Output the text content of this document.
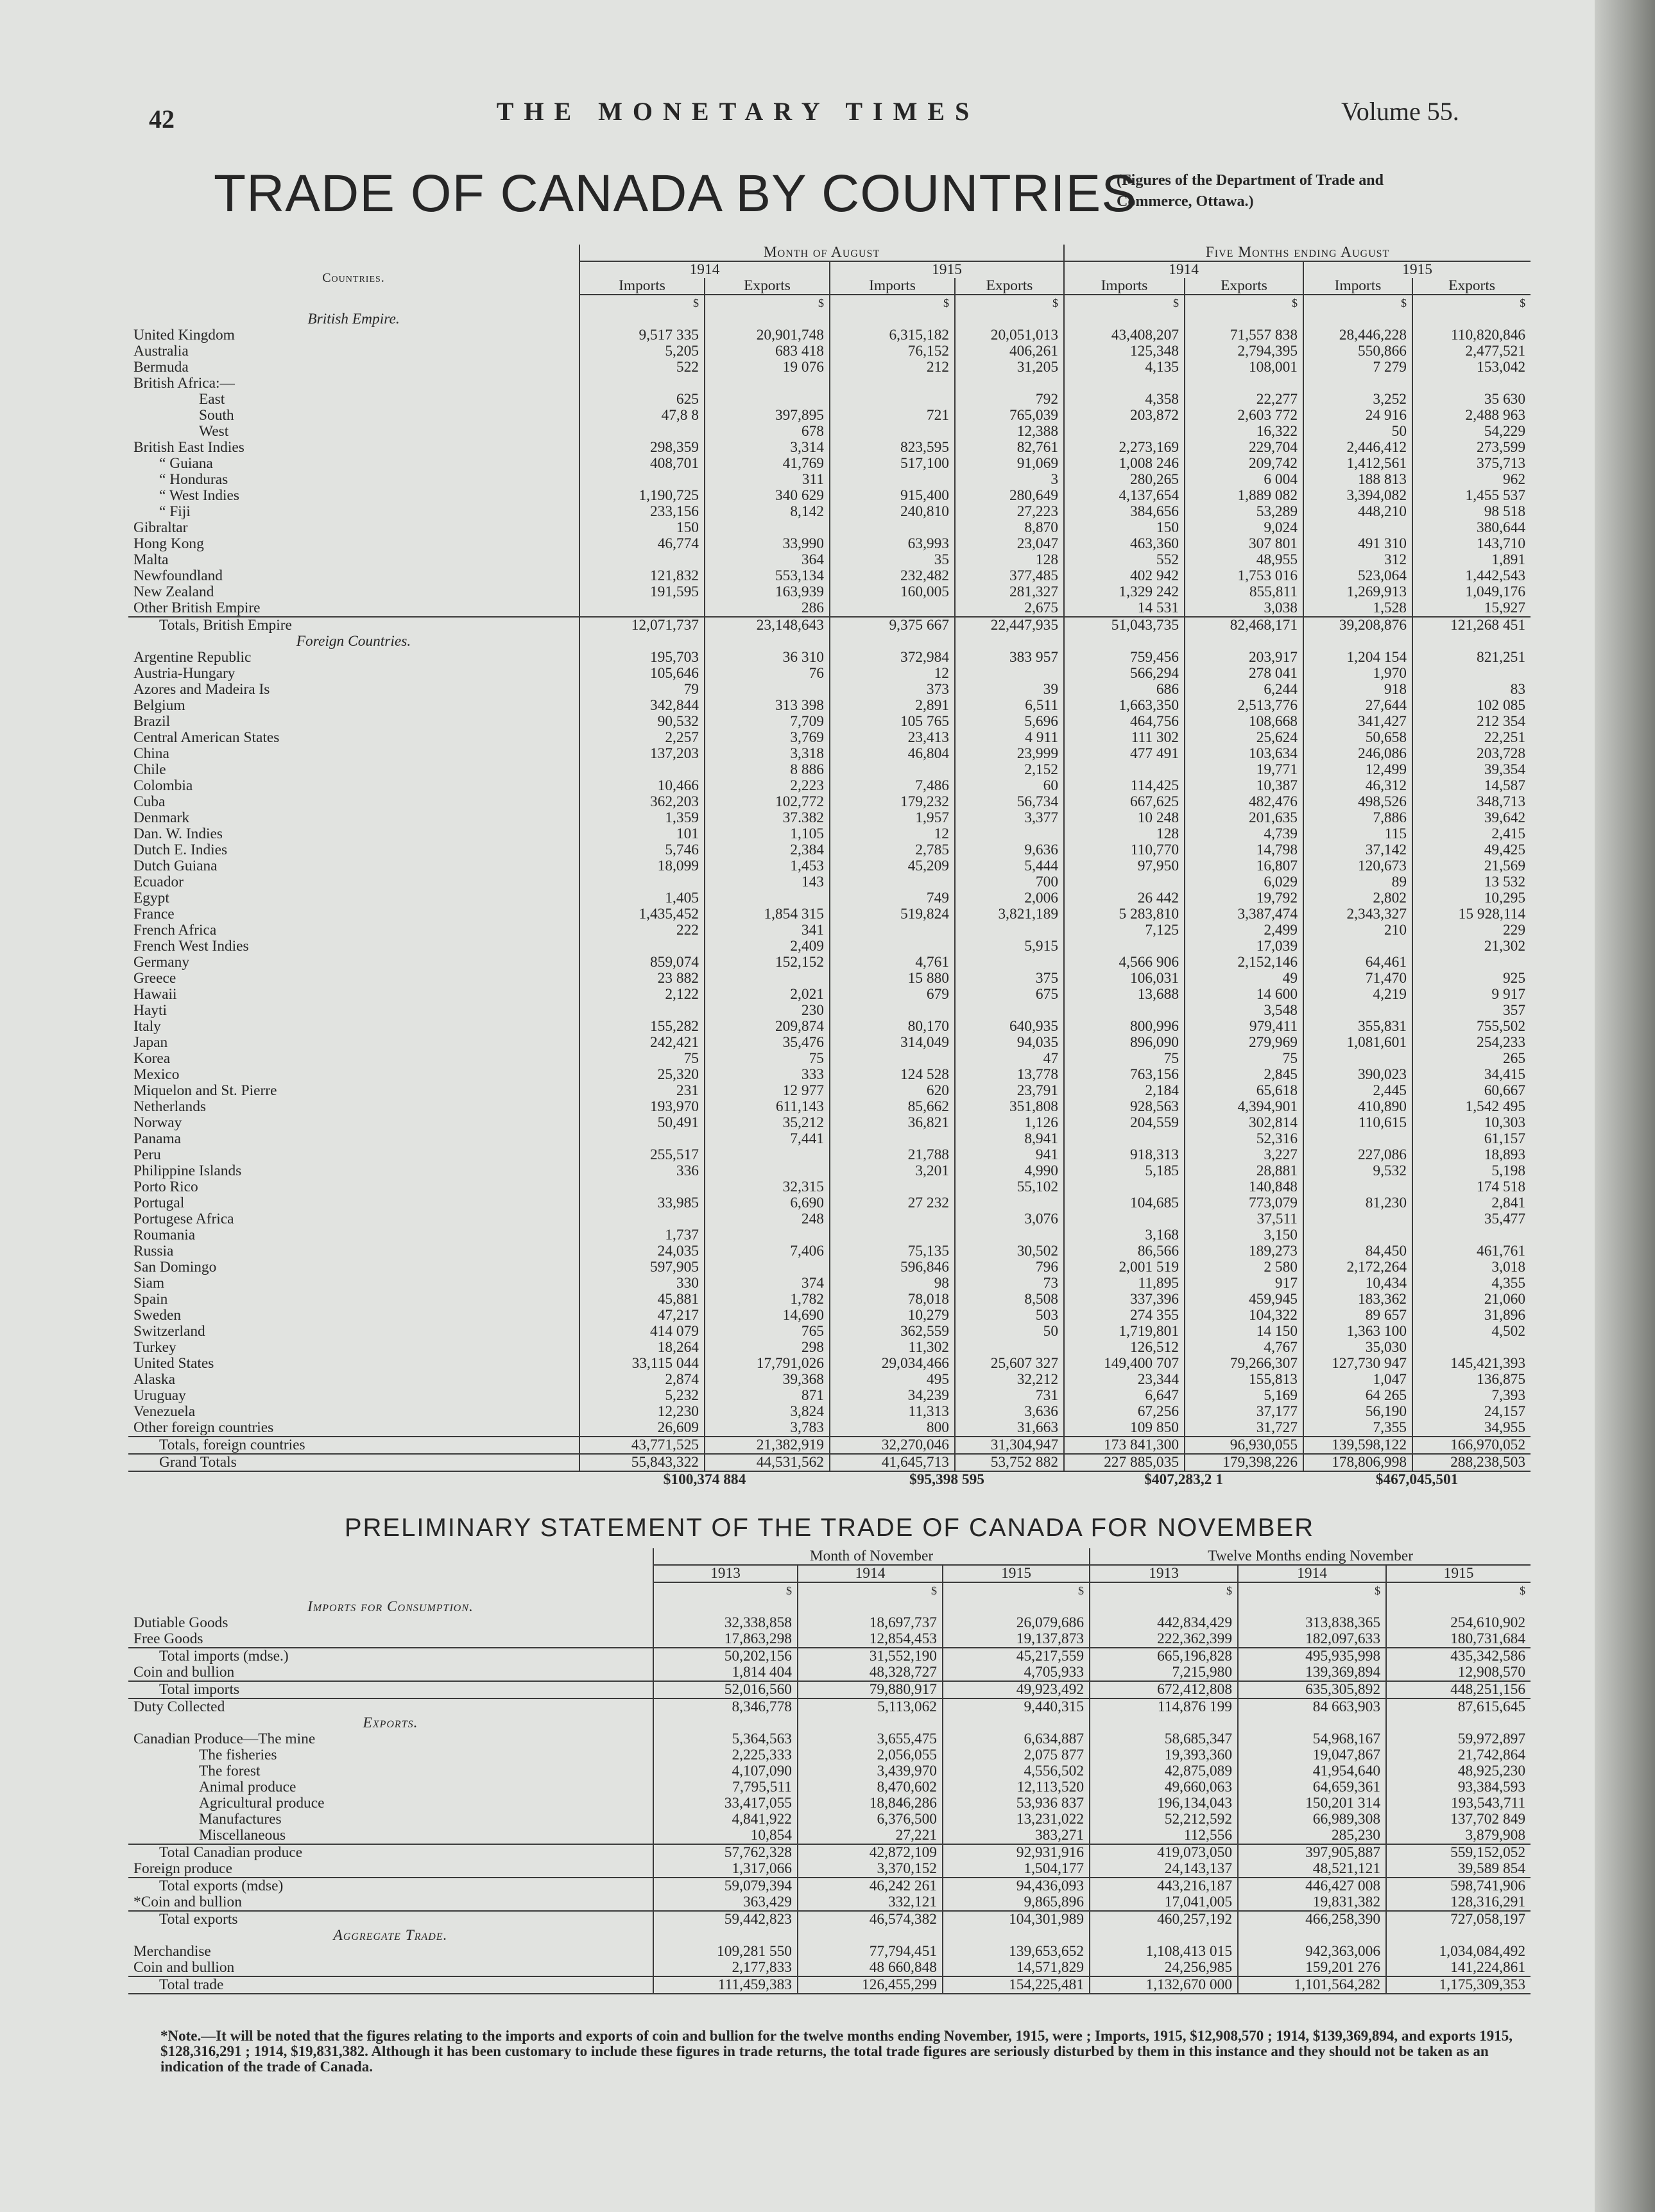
42	THE MONETARY TIMES	Volume 55.
TRADE OF CANADA BY COUNTRIES
(Figures of the Department of Trade and Commerce, Ottawa.)
Countries.	Month of August				Five Months ending August			
	1914		1915		1914		1915	
	Imports	Exports	Imports	Exports	Imports	Exports	Imports	Exports
	$	$	$	$	$	$	$	$
British Empire.								
United Kingdom	9,517 335	20,901,748	6,315,182	20,051,013	43,408,207	71,557 838	28,446,228	110,820,846
Australia	5,205	683 418	76,152	406,261	125,348	2,794,395	550,866	2,477,521
Bermuda	522	19 076	212	31,205	4,135	108,001	7 279	153,042
British Africa:—								
East	625			792	4,358	22,277	3,252	35 630
South	47,8 8	397,895	721	765,039	203,872	2,603 772	24 916	2,488 963
West		678		12,388		16,322	50	54,229
British East Indies	298,359	3,314	823,595	82,761	2,273,169	229,704	2,446,412	273,599
“ Guiana	408,701	41,769	517,100	91,069	1,008 246	209,742	1,412,561	375,713
“ Honduras		311		3	280,265	6 004	188 813	962
“ West Indies	1,190,725	340 629	915,400	280,649	4,137,654	1,889 082	3,394,082	1,455 537
“ Fiji	233,156	8,142	240,810	27,223	384,656	53,289	448,210	98 518
Gibraltar	150			8,870	150	9,024		380,644
Hong Kong	46,774	33,990	63,993	23,047	463,360	307 801	491 310	143,710
Malta		364	35	128	552	48,955	312	1,891
Newfoundland	121,832	553,134	232,482	377,485	402 942	1,753 016	523,064	1,442,543
New Zealand	191,595	163,939	160,005	281,327	1,329 242	855,811	1,269,913	1,049,176
Other British Empire		286		2,675	14 531	3,038	1,528	15,927
Totals, British Empire	12,071,737	23,148,643	9,375 667	22,447,935	51,043,735	82,468,171	39,208,876	121,268 451
Foreign Countries.								
Argentine Republic	195,703	36 310	372,984	383 957	759,456	203,917	1,204 154	821,251
Austria-Hungary	105,646	76	12		566,294	278 041	1,970	
Azores and Madeira Is	79		373	39	686	6,244	918	83
Belgium	342,844	313 398	2,891	6,511	1,663,350	2,513,776	27,644	102 085
Brazil	90,532	7,709	105 765	5,696	464,756	108,668	341,427	212 354
Central American States	2,257	3,769	23,413	4 911	111 302	25,624	50,658	22,251
China	137,203	3,318	46,804	23,999	477 491	103,634	246,086	203,728
Chile		8 886		2,152		19,771	12,499	39,354
Colombia	10,466	2,223	7,486	60	114,425	10,387	46,312	14,587
Cuba	362,203	102,772	179,232	56,734	667,625	482,476	498,526	348,713
Denmark	1,359	37.382	1,957	3,377	10 248	201,635	7,886	39,642
Dan. W. Indies	101	1,105	12		128	4,739	115	2,415
Dutch E. Indies	5,746	2,384	2,785	9,636	110,770	14,798	37,142	49,425
Dutch Guiana	18,099	1,453	45,209	5,444	97,950	16,807	120,673	21,569
Ecuador		143		700		6,029	89	13 532
Egypt	1,405		749	2,006	26 442	19,792	2,802	10,295
France	1,435,452	1,854 315	519,824	3,821,189	5 283,810	3,387,474	2,343,327	15 928,114
French Africa	222	341			7,125	2,499	210	229
French West Indies		2,409		5,915		17,039		21,302
Germany	859,074	152,152	4,761		4,566 906	2,152,146	64,461	
Greece	23 882		15 880	375	106,031	49	71,470	925
Hawaii	2,122	2,021	679	675	13,688	14 600	4,219	9 917
Hayti		230				3,548		357
Italy	155,282	209,874	80,170	640,935	800,996	979,411	355,831	755,502
Japan	242,421	35,476	314,049	94,035	896,090	279,969	1,081,601	254,233
Korea	75	75		47	75	75		265
Mexico	25,320	333	124 528	13,778	763,156	2,845	390,023	34,415
Miquelon and St. Pierre	231	12 977	620	23,791	2,184	65,618	2,445	60,667
Netherlands	193,970	611,143	85,662	351,808	928,563	4,394,901	410,890	1,542 495
Norway	50,491	35,212	36,821	1,126	204,559	302,814	110,615	10,303
Panama		7,441		8,941		52,316		61,157
Peru	255,517		21,788	941	918,313	3,227	227,086	18,893
Philippine Islands	336		3,201	4,990	5,185	28,881	9,532	5,198
Porto Rico		32,315		55,102		140,848		174 518
Portugal	33,985	6,690	27 232		104,685	773,079	81,230	2,841
Portugese Africa		248		3,076		37,511		35,477
Roumania	1,737				3,168	3,150		
Russia	24,035	7,406	75,135	30,502	86,566	189,273	84,450	461,761
San Domingo	597,905		596,846	796	2,001 519	2 580	2,172,264	3,018
Siam	330	374	98	73	11,895	917	10,434	4,355
Spain	45,881	1,782	78,018	8,508	337,396	459,945	183,362	21,060
Sweden	47,217	14,690	10,279	503	274 355	104,322	89 657	31,896
Switzerland	414 079	765	362,559	50	1,719,801	14 150	1,363 100	4,502
Turkey	18,264	298	11,302		126,512	4,767	35,030	
United States	33,115 044	17,791,026	29,034,466	25,607 327	149,400 707	79,266,307	127,730 947	145,421,393
Alaska	2,874	39,368	495	32,212	23,344	155,813	1,047	136,875
Uruguay	5,232	871	34,239	731	6,647	5,169	64 265	7,393
Venezuela	12,230	3,824	11,313	3,636	67,256	37,177	56,190	24,157
Other foreign countries	26,609	3,783	800	31,663	109 850	31,727	7,355	34,955
Totals, foreign countries	43,771,525	21,382,919	32,270,046	31,304,947	173 841,300	96,930,055	139,598,122	166,970,052
Grand Totals	55,843,322	44,531,562	41,645,713	53,752 882	227 885,035	179,398,226	178,806,998	288,238,503
	$100,374 884		$95,398 595		$407,283,2 1		$467,045,501	
PRELIMINARY STATEMENT OF THE TRADE OF CANADA FOR NOVEMBER
	Month of November			Twelve Months ending November		
	1913	1914	1915	1913	1914	1915
	$	$	$	$	$	$
Imports for Consumption.						
Dutiable Goods	32,338,858	18,697,737	26,079,686	442,834,429	313,838,365	254,610,902
Free Goods	17,863,298	12,854,453	19,137,873	222,362,399	182,097,633	180,731,684
Total imports (mdse.)	50,202,156	31,552,190	45,217,559	665,196,828	495,935,998	435,342,586
Coin and bullion	1,814 404	48,328,727	4,705,933	7,215,980	139,369,894	12,908,570
Total imports	52,016,560	79,880,917	49,923,492	672,412,808	635,305,892	448,251,156
Duty Collected	8,346,778	5,113,062	9,440,315	114,876 199	84 663,903	87,615,645
Exports.						
Canadian Produce—The mine	5,364,563	3,655,475	6,634,887	58,685,347	54,968,167	59,972,897
The fisheries	2,225,333	2,056,055	2,075 877	19,393,360	19,047,867	21,742,864
The forest	4,107,090	3,439,970	4,556,502	42,875,089	41,954,640	48,925,230
Animal produce	7,795,511	8,470,602	12,113,520	49,660,063	64,659,361	93,384,593
Agricultural produce	33,417,055	18,846,286	53,936 837	196,134,043	150,201 314	193,543,711
Manufactures	4,841,922	6,376,500	13,231,022	52,212,592	66,989,308	137,702 849
Miscellaneous	10,854	27,221	383,271	112,556	285,230	3,879,908
Total Canadian produce	57,762,328	42,872,109	92,931,916	419,073,050	397,905,887	559,152,052
Foreign produce	1,317,066	3,370,152	1,504,177	24,143,137	48,521,121	39,589 854
Total exports (mdse)	59,079,394	46,242 261	94,436,093	443,216,187	446,427 008	598,741,906
*Coin and bullion	363,429	332,121	9,865,896	17,041,005	19,831,382	128,316,291
Total exports	59,442,823	46,574,382	104,301,989	460,257,192	466,258,390	727,058,197
Aggregate Trade.						
Merchandise	109,281 550	77,794,451	139,653,652	1,108,413 015	942,363,006	1,034,084,492
Coin and bullion	2,177,833	48 660,848	14,571,829	24,256,985	159,201 276	141,224,861
Total trade	111,459,383	126,455,299	154,225,481	1,132,670 000	1,101,564,282	1,175,309,353
*Note.—It will be noted that the figures relating to the imports and exports of coin and bullion for the twelve months ending November, 1915, were ; Imports, 1915, $12,908,570 ; 1914, $139,369,894, and exports 1915, $128,316,291 ; 1914, $19,831,382. Although it has been customary to include these figures in trade returns, the total trade figures are seriously disturbed by them in this instance and they should not be taken as an indication of the trade of Canada.
